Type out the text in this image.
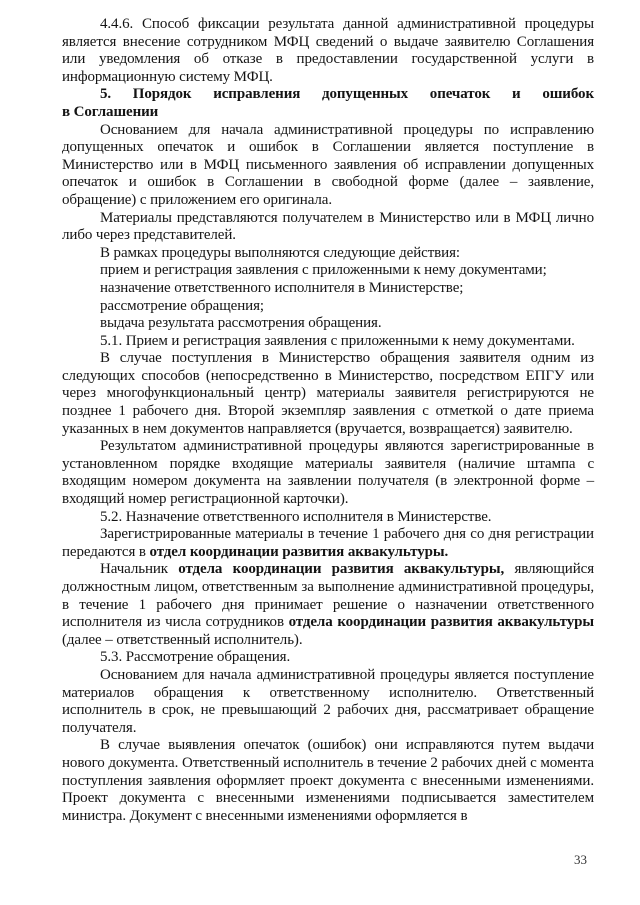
4.4.6. Способ фиксации результата данной административной процедуры является внесение сотрудником МФЦ сведений о выдаче заявителю Соглашения или уведомления об отказе в предоставлении государственной услуги в информационную систему МФЦ.

5. Порядок исправления допущенных опечаток и ошибок

в Соглашении

Основанием для начала административной процедуры по исправлению допущенных опечаток и ошибок в Соглашении является поступление в Министерство или в МФЦ письменного заявления об исправлении допущенных опечаток и ошибок в Соглашении в свободной форме (далее – заявление, обращение) с приложением его оригинала.

Материалы представляются получателем в Министерство или в МФЦ лично либо через представителей.

В рамках процедуры выполняются следующие действия:

прием и регистрация заявления с приложенными к нему документами;

назначение ответственного исполнителя в Министерстве;

рассмотрение обращения;

выдача результата рассмотрения обращения.

5.1. Прием и регистрация заявления с приложенными к нему документами.

В случае поступления в Министерство обращения заявителя одним из следующих способов (непосредственно в Министерство, посредством ЕПГУ или через многофункциональный центр) материалы заявителя регистрируются не позднее 1 рабочего дня. Второй экземпляр заявления с отметкой о дате приема указанных в нем документов направляется (вручается, возвращается) заявителю.

Результатом административной процедуры являются зарегистрированные в установленном порядке входящие материалы заявителя (наличие штампа с входящим номером документа на заявлении получателя (в электронной форме – входящий номер регистрационной карточки).

5.2. Назначение ответственного исполнителя в Министерстве.

Зарегистрированные материалы в течение 1 рабочего дня со дня регистрации передаются в отдел координации развития аквакультуры.

Начальник отдела координации развития аквакультуры, являющийся должностным лицом, ответственным за выполнение административной процедуры, в течение 1 рабочего дня принимает решение о назначении ответственного исполнителя из числа сотрудников отдела координации развития аквакультуры (далее – ответственный исполнитель).

5.3. Рассмотрение обращения.

Основанием для начала административной процедуры является поступление материалов обращения к ответственному исполнителю. Ответственный исполнитель в срок, не превышающий 2 рабочих дня, рассматривает обращение получателя.

В случае выявления опечаток (ошибок) они исправляются путем выдачи нового документа. Ответственный исполнитель в течение 2 рабочих дней с момента поступления заявления оформляет проект документа с внесенными изменениями. Проект документа с внесенными изменениями подписывается заместителем министра. Документ с внесенными изменениями оформляется в

33
